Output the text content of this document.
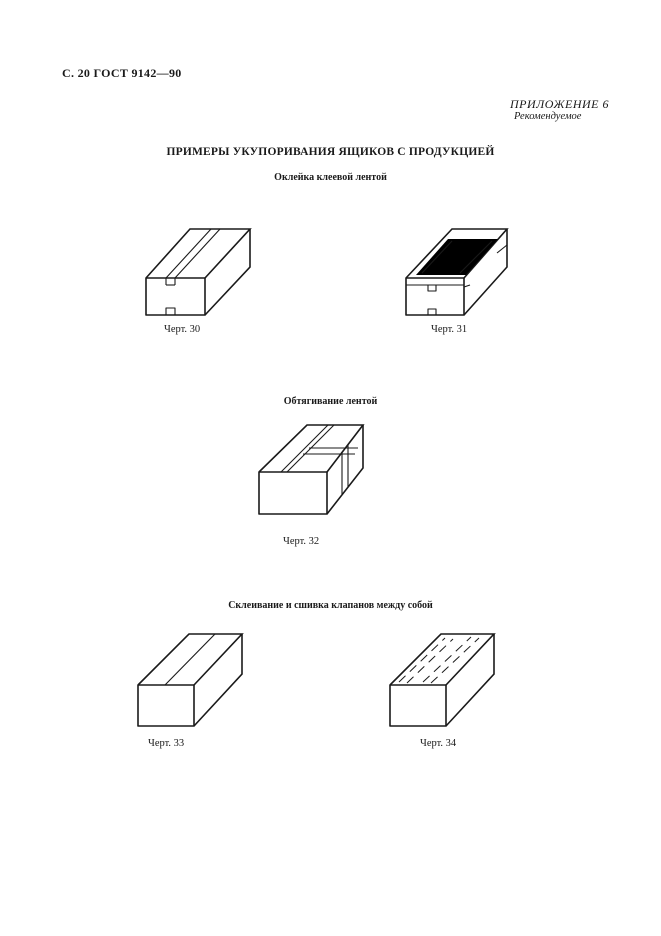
С. 20 ГОСТ 9142—90
ПРИЛОЖЕНИЕ 6
Рекомендуемое
ПРИМЕРЫ УКУПОРИВАНИЯ ЯЩИКОВ С ПРОДУКЦИЕЙ
Оклейка клеевой лентой
Черт. 30	Черт. 31
Обтягивание лентой
Черт. 32
Склеивание и сшивка клапанов между собой
Черт. 33	Черт. 34
